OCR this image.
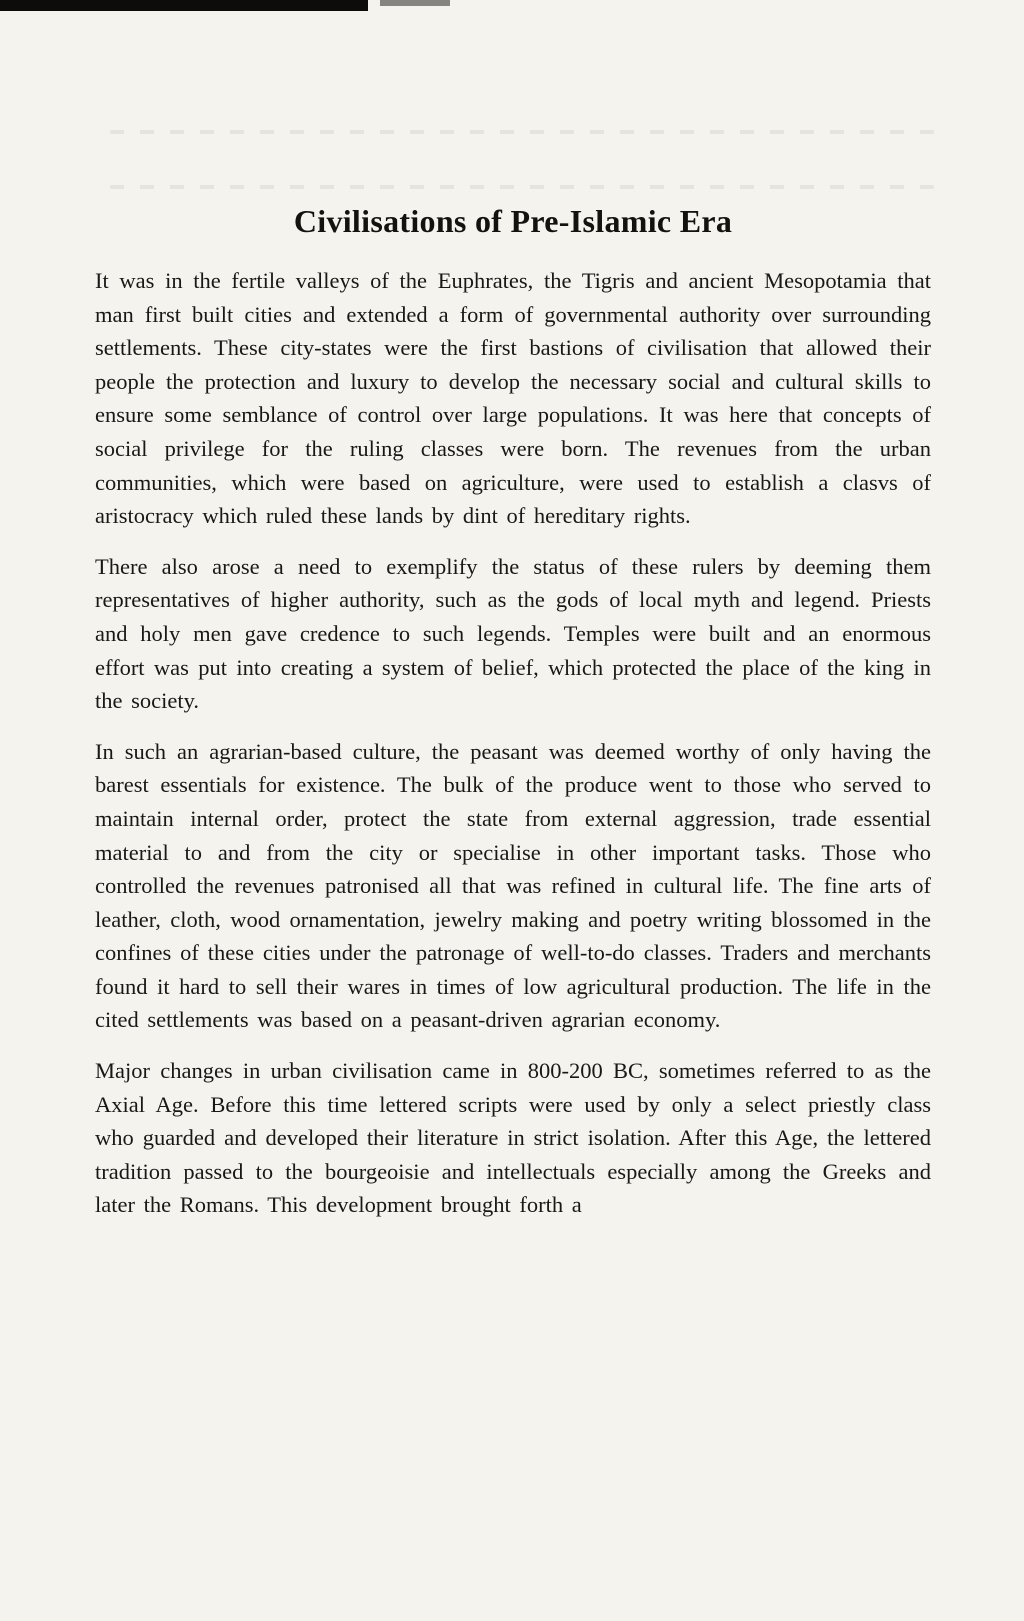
Civilisations of Pre-Islamic Era

It was in the fertile valleys of the Euphrates, the Tigris and ancient Mesopotamia that man first built cities and extended a form of governmental authority over surrounding settlements. These city-states were the first bastions of civilisation that allowed their people the protection and luxury to develop the necessary social and cultural skills to ensure some semblance of control over large populations. It was here that concepts of social privilege for the ruling classes were born. The revenues from the urban communities, which were based on agriculture, were used to establish a clasvs of aristocracy which ruled these lands by dint of hereditary rights.

There also arose a need to exemplify the status of these rulers by deeming them representatives of higher authority, such as the gods of local myth and legend. Priests and holy men gave credence to such legends. Temples were built and an enormous effort was put into creating a system of belief, which protected the place of the king in the society.

In such an agrarian-based culture, the peasant was deemed worthy of only having the barest essentials for existence. The bulk of the produce went to those who served to maintain internal order, protect the state from external aggression, trade essential material to and from the city or specialise in other important tasks. Those who controlled the revenues patronised all that was refined in cultural life. The fine arts of leather, cloth, wood ornamentation, jewelry making and poetry writing blossomed in the confines of these cities under the patronage of well-to-do classes. Traders and merchants found it hard to sell their wares in times of low agricultural production. The life in the cited settlements was based on a peasant-driven agrarian economy.

Major changes in urban civilisation came in 800-200 BC, sometimes referred to as the Axial Age. Before this time lettered scripts were used by only a select priestly class who guarded and developed their literature in strict isolation. After this Age, the lettered tradition passed to the bourgeoisie and intellectuals especially among the Greeks and later the Romans. This development brought forth a
